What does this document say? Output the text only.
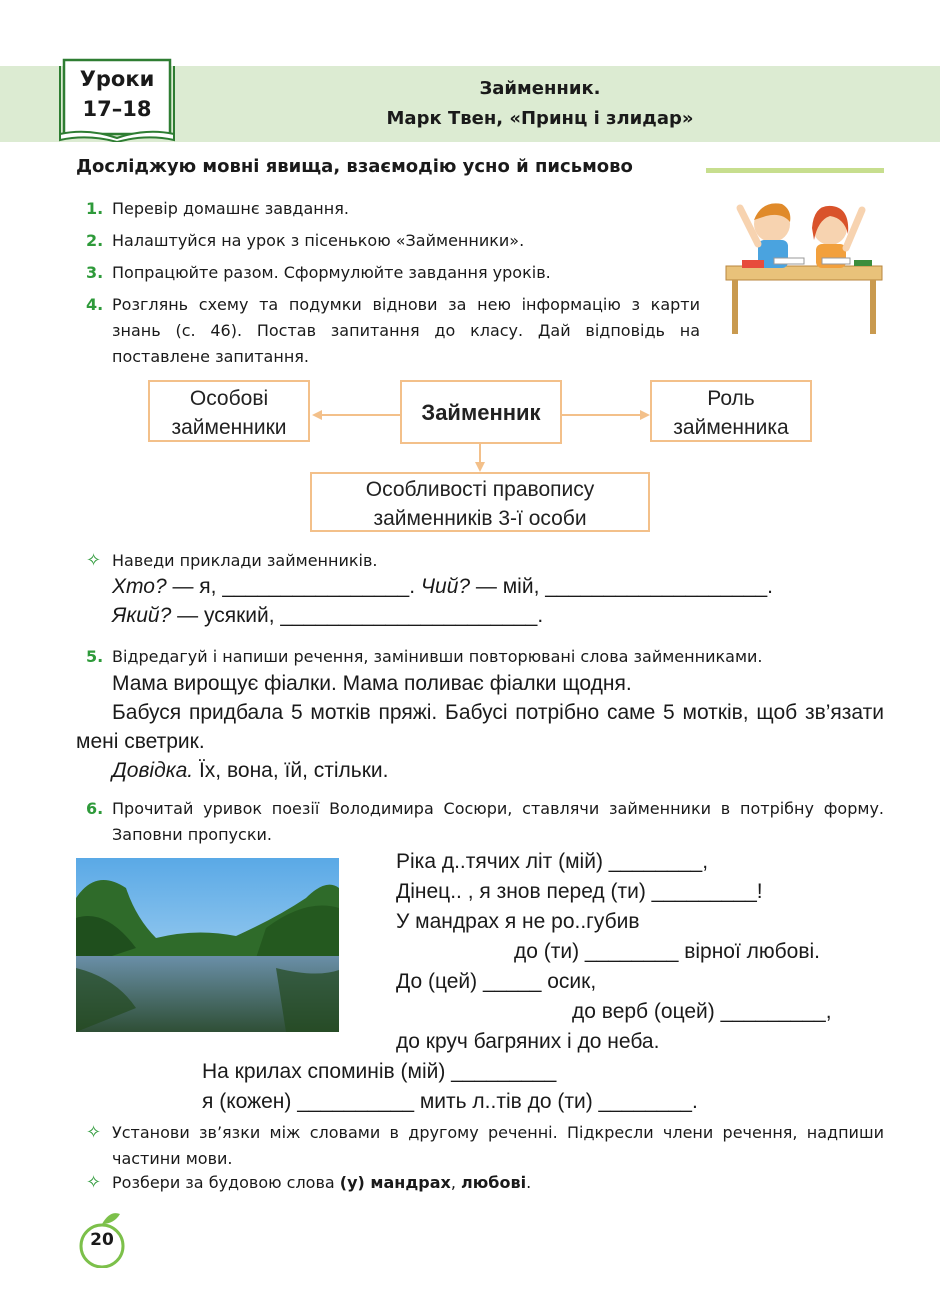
Уроки
17–18
Займенник.
Марк Твен, «Принц і злидар»
Досліджую мовні явища, взаємодію усно й письмово
1. Перевір домашнє завдання.
2. Налаштуйся на урок з пісенькою «Займенники».
3. Попрацюйте разом. Сформулюйте завдання уроків.
4. Розглянь схему та подумки віднови за нею інформацію з карти знань (с. 46). Постав запитання до класу. Дай відповідь на поставлене запитання.
Особові займенники
Займенник
Роль займенника
Особливості правопису займенників 3-ї особи
✧ Наведи приклади займенників.
Хто? — я, ________________. Чий? — мій, ___________________.
Який? — усякий, ______________________.
5. Відредагуй і напиши речення, замінивши повторювані слова займенниками.
Мама вирощує фіалки. Мама поливає фіалки щодня.
Бабуся придбала 5 мотків пряжі. Бабусі потрібно саме 5 мотків, щоб зв’язати мені светрик.
Довідка. Їх, вона, їй, стільки.
6. Прочитай уривок поезії Володимира Сосюри, ставлячи займенники в потрібну форму. Заповни пропуски.
Ріка д..тячих літ (мій) ________,
Дінец.. , я знов перед (ти) _________!
У мандрах я не ро..губив
до (ти) ________ вірної любові.
До (цей) _____ осик,
до верб (оцей) _________,
до круч багряних і до неба.
На крилах споминів (мій) _________
я (кожен) __________ мить л..тів до (ти) ________.
✧ Установи зв’язки між словами в другому реченні. Підкресли члени речення, надпиши частини мови.
✧ Розбери за будовою слова (у) мандрах, любові.
20
